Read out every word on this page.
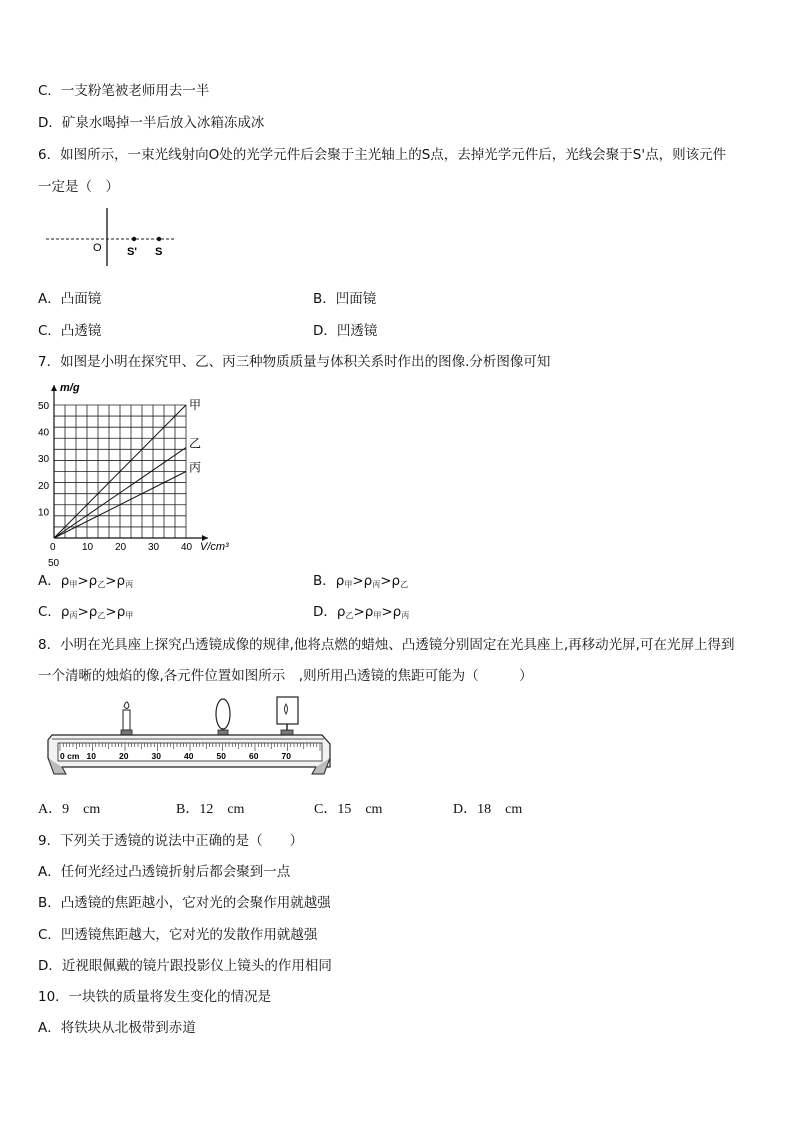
C．一支粉笔被老师用去一半
D．矿泉水喝掉一半后放入冰箱冻成冰
6．如图所示，一束光线射向O处的光学元件后会聚于主光轴上的S点，去掉光学元件后，光线会聚于S'点，则该元件
一定是（　）
O S' S
A．凸面镜	B．凹面镜
C．凸透镜	D．凹透镜
7．如图是小明在探究甲、乙、丙三种物质质量与体积关系时作出的图像.分析图像可知
甲
乙
丙
m/g
V/cm³
50
40
30
20
10
0	10 20 30 40
50
A．$\rho_甲>\rho_乙>\rho_丙$	B．$\rho_甲>\rho_丙>\rho_乙$
C．$\rho_丙>\rho_乙>\rho_甲$	D．$\rho_乙>\rho_甲>\rho_丙$
8．小明在光具座上探究凸透镜成像的规律,他将点燃的蜡烛、凸透镜分别固定在光具座上,再移动光屏,可在光屏上得到
一个清晰的烛焰的像,各元件位置如图所示　,则所用凸透镜的焦距可能为（　　　）
0 cm 10	20	30	40	50	60	70
A．9　cm	B．12　cm	C．15　cm	D．18　cm
9．下列关于透镜的说法中正确的是（　　）
A．任何光经过凸透镜折射后都会聚到一点
B．凸透镜的焦距越小，它对光的会聚作用就越强
C．凹透镜焦距越大，它对光的发散作用就越强
D．近视眼佩戴的镜片跟投影仪上镜头的作用相同
10．一块铁的质量将发生变化的情况是
A．将铁块从北极带到赤道
